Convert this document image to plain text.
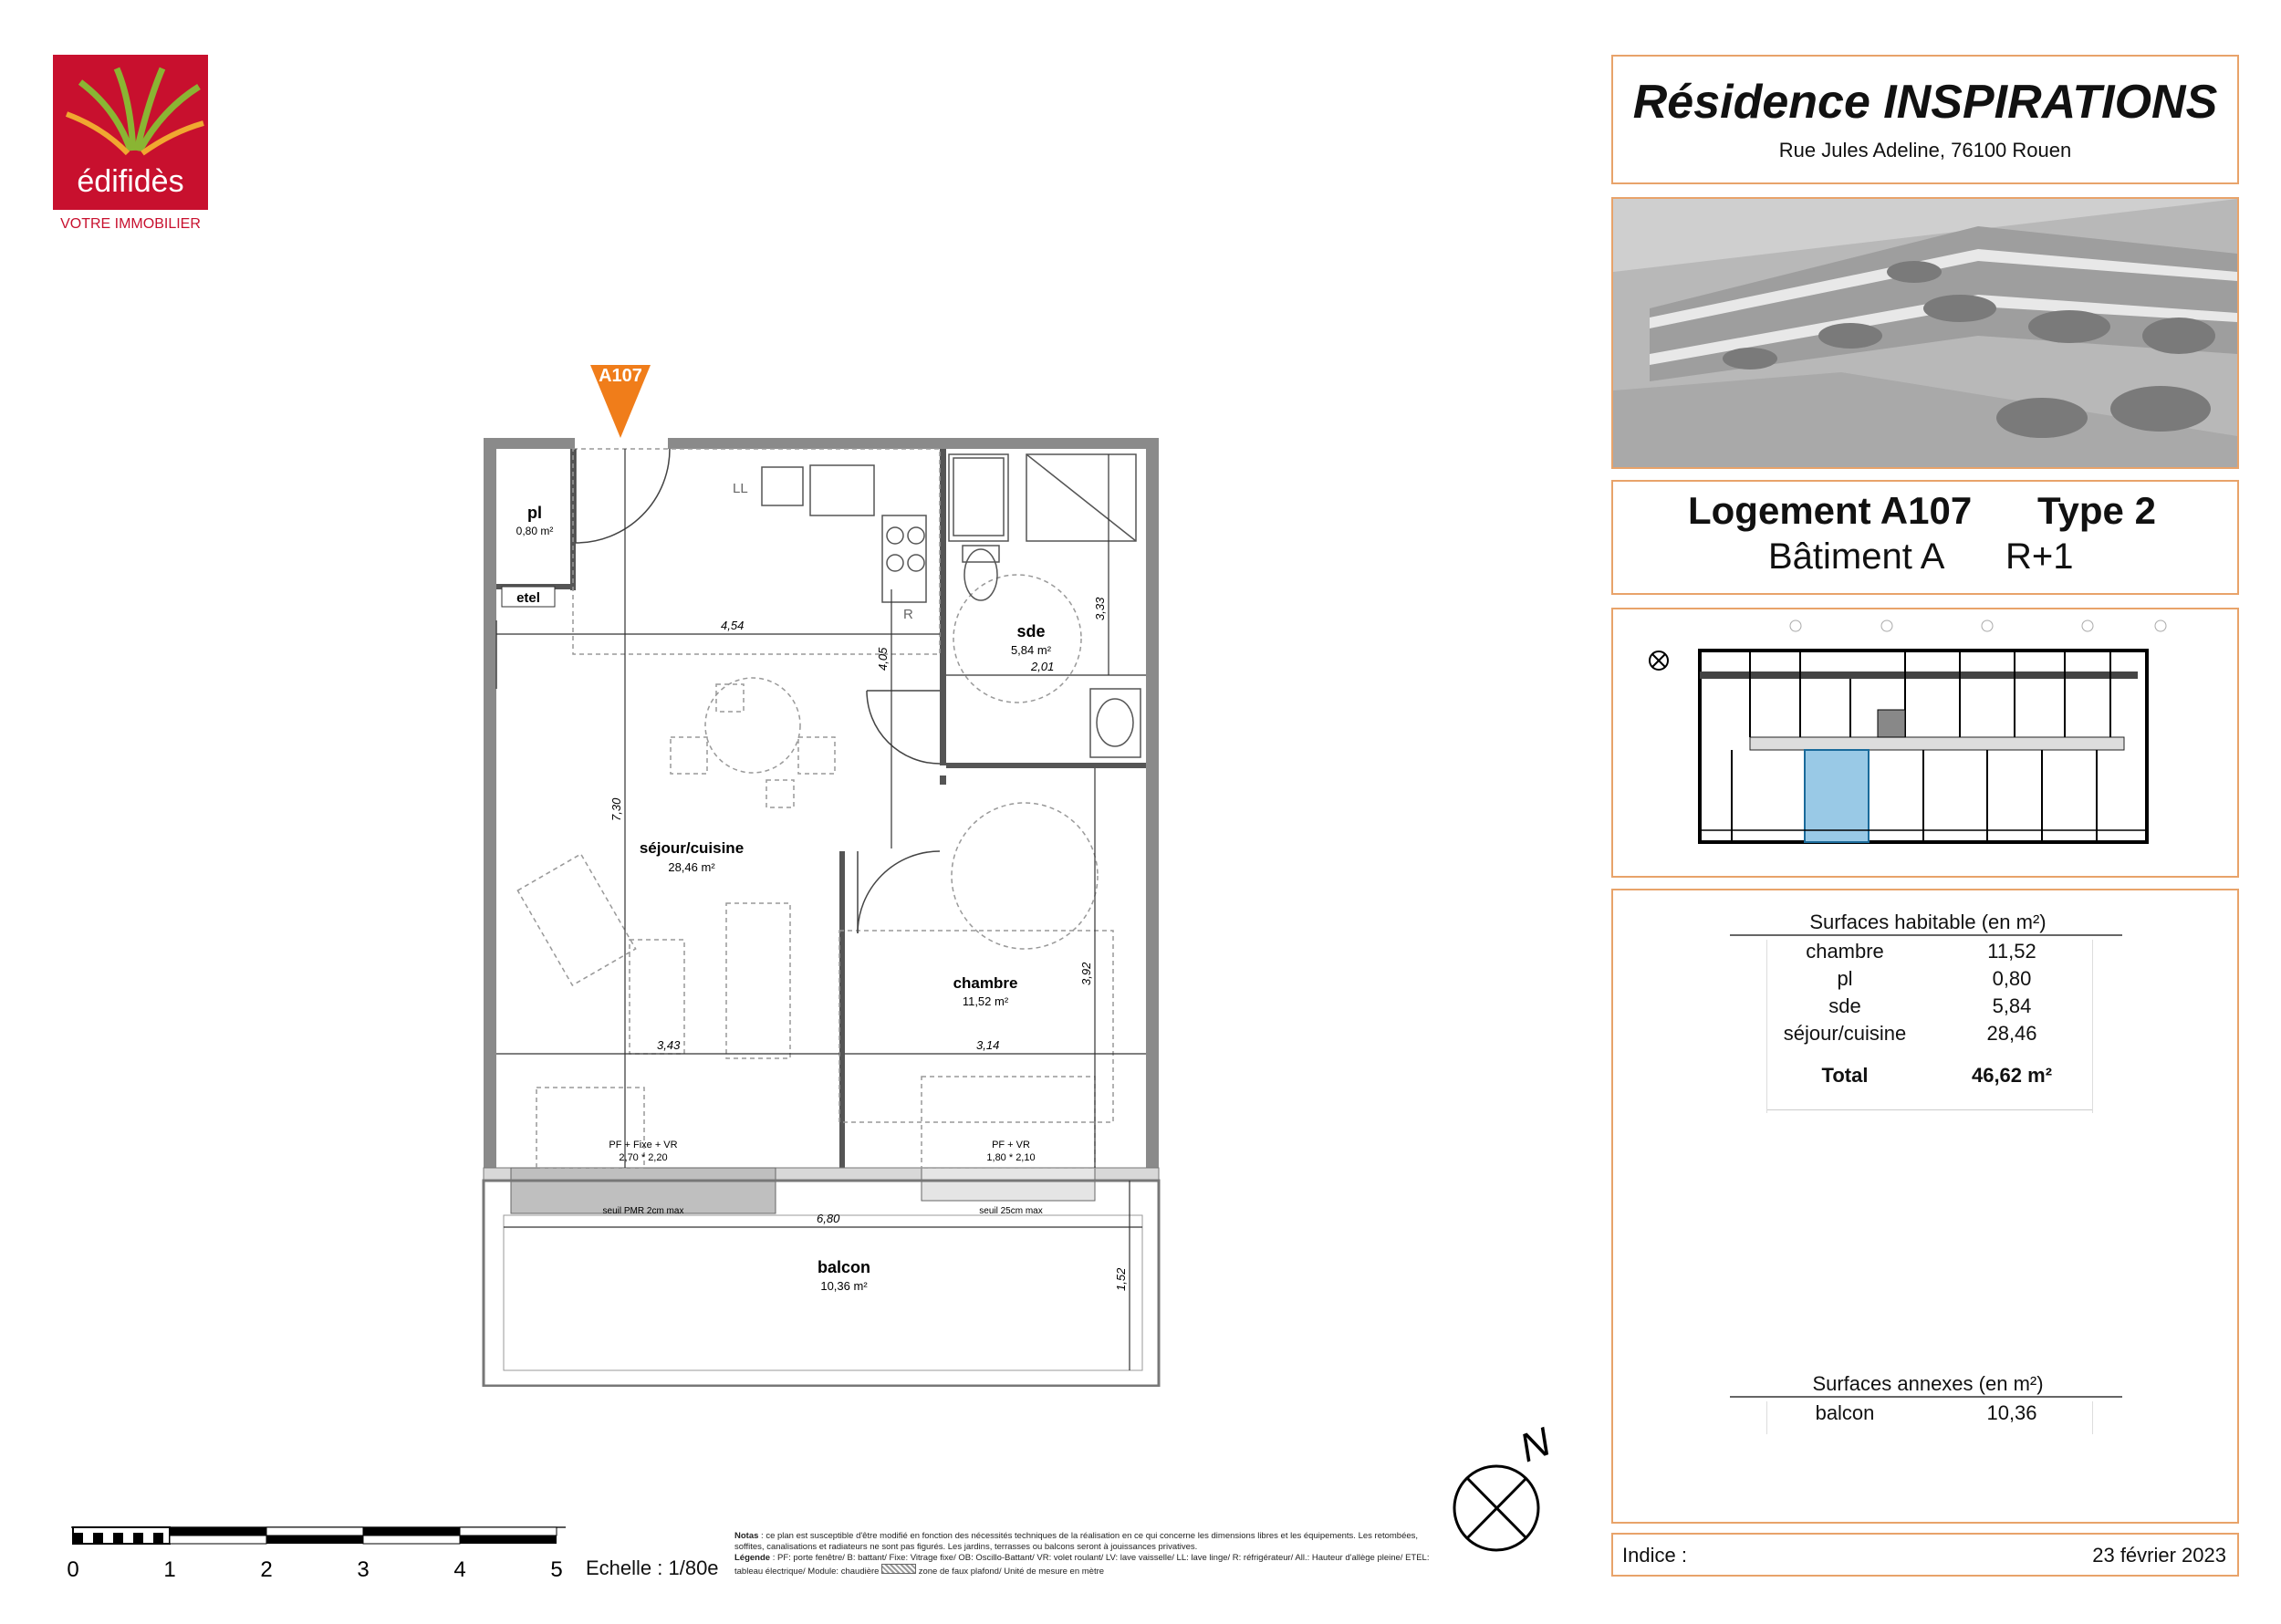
édifidès
VOTRE IMMOBILIER
A107
LL
R
4,54
4,05
3,33
2,01
7,30
3,92
3,43	3,14
6,80
1,52
pl
0,80 m²
etel
sde
5,84 m²
séjour/cuisine
28,46 m²
chambre
11,52 m²
balcon
10,36 m²
PF + Fixe + VR
2,70 * 2,20
PF + VR
1,80 * 2,10
seuil PMR 2cm max	seuil 25cm max
0	1	2	3	4	5 Echelle : 1/80e
Notas : ce plan est susceptible d'être modifié en fonction des nécessités techniques de la réalisation en ce qui concerne les dimensions libres et les équipements. Les retombées, soffites, canalisations et radiateurs ne sont pas figurés. Les jardins, terrasses ou balcons seront à jouissances privatives.
Légende : PF: porte fenêtre/ B: battant/ Fixe: Vitrage fixe/ OB: Oscillo-Battant/ VR: volet roulant/ LV: lave vaisselle/ LL: lave linge/ R: réfrigérateur/ All.: Hauteur d'allège pleine/ ETEL: tableau électrique/ Module: chaudière	zone de faux plafond/ Unité de mesure en mètre
N
Résidence INSPIRATIONS
Rue Jules Adeline, 76100 Rouen
Logement A107 Type 2
Bâtiment A R+1
Surfaces habitable (en m²)
chambre	11,52
pl	0,80
sde	5,84
séjour/cuisine	28,46
Total	46,62 m²
Surfaces annexes (en m²)
balcon	10,36
Indice :	23 février 2023
